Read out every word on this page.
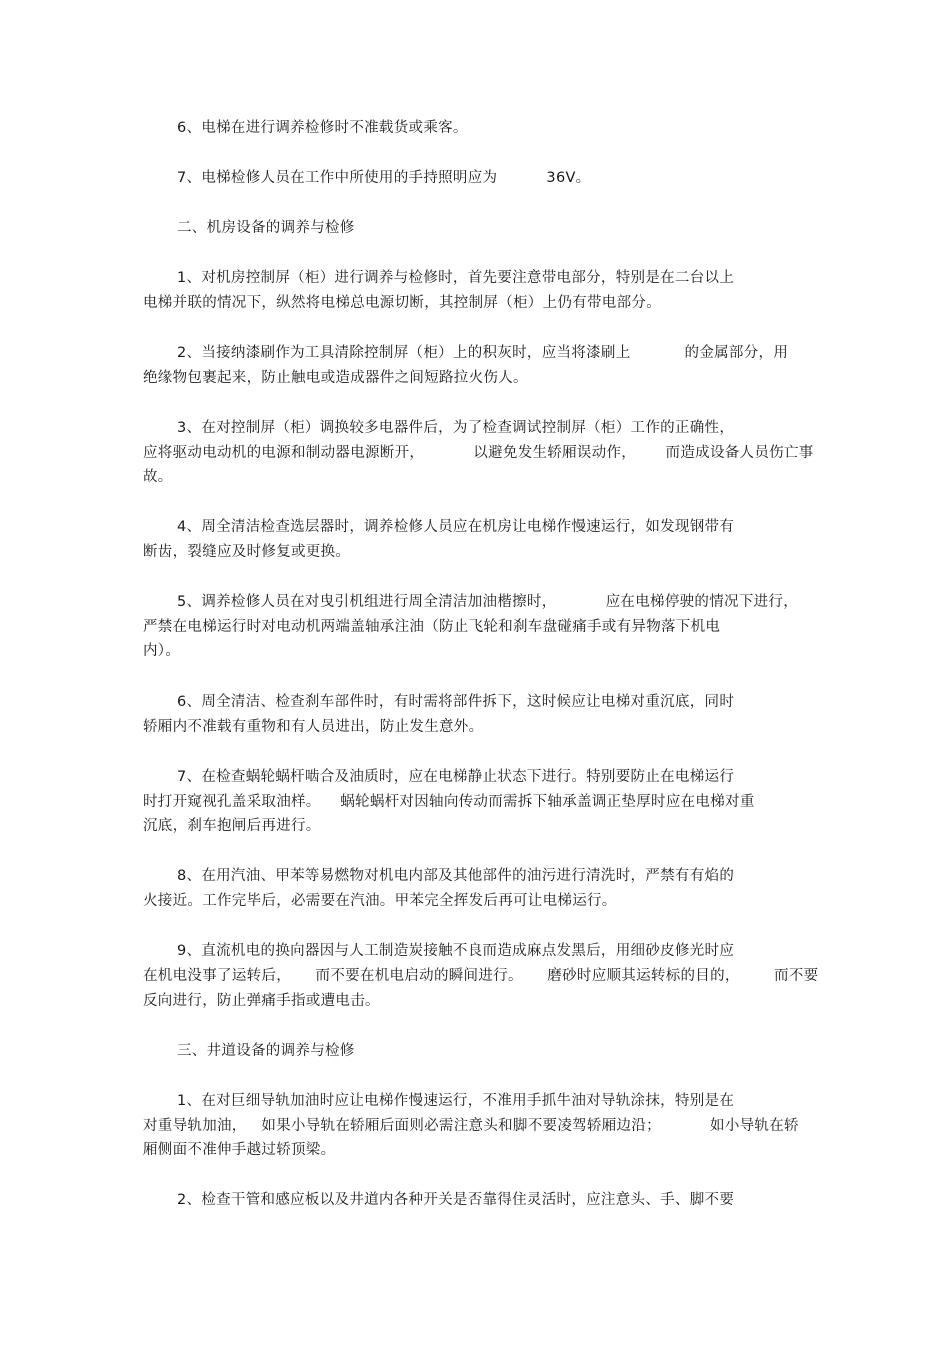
6、电梯在进行调养检修时不准载货或乘客。
7、电梯检修人员在工作中所使用的手持照明应为          36V。
二、机房设备的调养与检修
1、对机房控制屏（柜）进行调养与检修时，首先要注意带电部分，特别是在二台以上
电梯并联的情况下，纵然将电梯总电源切断，其控制屏（柜）上仍有带电部分。
2、当接纳漆刷作为工具清除控制屏（柜）上的积灰时，应当将漆刷上           的金属部分，用
绝缘物包裹起来，防止触电或造成器件之间短路拉火伤人。
3、在对控制屏（柜）调换较多电器件后，为了检查调试控制屏（柜）工作的正确性，
应将驱动电动机的电源和制动器电源断开，          以避免发生轿厢误动作，      而造成设备人员伤亡事
故。
4、周全清洁检查选层器时，调养检修人员应在机房让电梯作慢速运行，如发现钢带有
断齿，裂缝应及时修复或更换。
5、调养检修人员在对曳引机组进行周全清洁加油楷擦时，          应在电梯停驶的情况下进行，
严禁在电梯运行时对电动机两端盖轴承注油（防止飞轮和刹车盘碰痛手或有异物落下机电
内）。
6、周全清洁、检查刹车部件时，有时需将部件拆下，这时候应让电梯对重沉底，同时
轿厢内不准载有重物和有人员进出，防止发生意外。
7、在检查蜗轮蜗杆啮合及油质时，应在电梯静止状态下进行。特别要防止在电梯运行
时打开窥视孔盖采取油样。    蜗轮蜗杆对因轴向传动而需拆下轴承盖调正垫厚时应在电梯对重
沉底，刹车抱闸后再进行。
8、在用汽油、甲苯等易燃物对机电内部及其他部件的油污进行清洗时，严禁有有焰的
火接近。工作完毕后，必需要在汽油。甲苯完全挥发后再可让电梯运行。
9、直流机电的换向器因与人工制造炭接触不良而造成麻点发黑后，用细砂皮修光时应
在机电没事了运转后，     而不要在机电启动的瞬间进行。     磨砂时应顺其运转标的目的，       而不要
反向进行，防止弹痛手指或遭电击。
三、井道设备的调养与检修
1、在对巨细导轨加油时应让电梯作慢速运行，不准用手抓牛油对导轨涂抹，特别是在
对重导轨加油，   如果小导轨在轿厢后面则必需注意头和脚不要凌驾轿厢边沿；          如小导轨在轿
厢侧面不准伸手越过轿顶梁。
2、检查干管和感应板以及井道内各种开关是否靠得住灵活时，应注意头、手、脚不要
